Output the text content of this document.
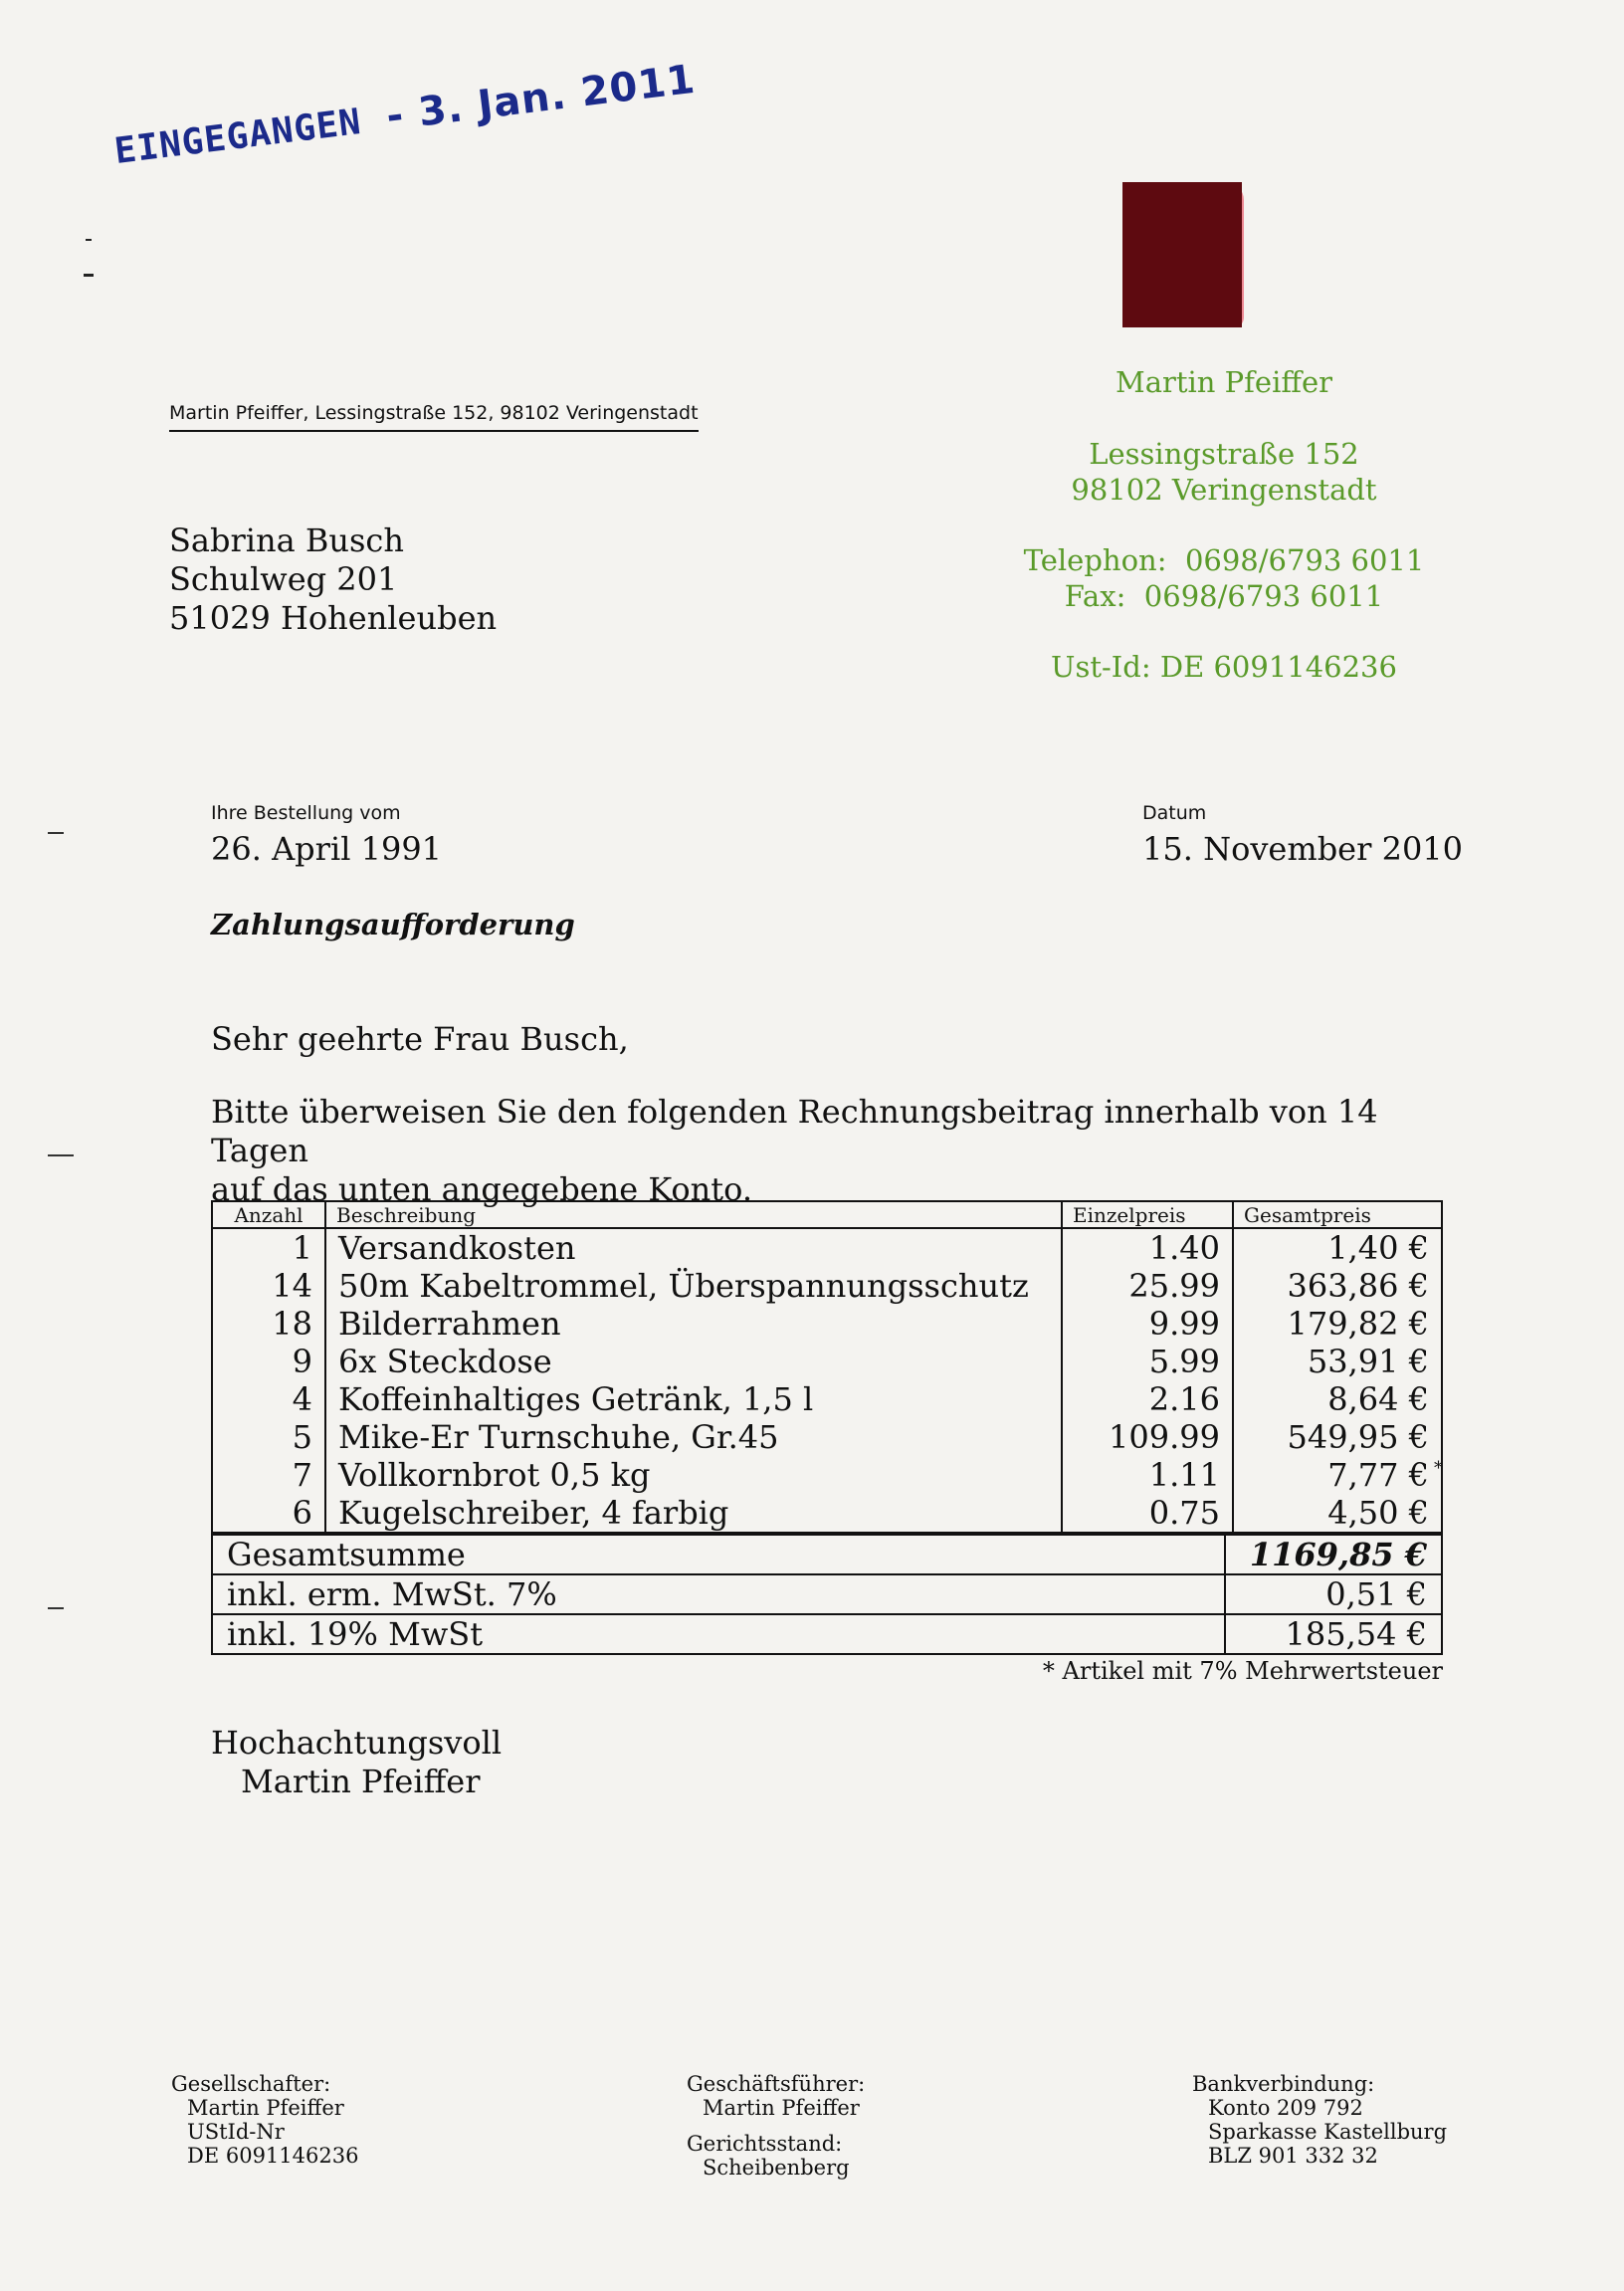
EINGEGANGEN - 3. Jan. 2011
Martin Pfeiffer
Lessingstraße 152
98102 Veringenstadt
Telephon: 0698/6793 6011
Fax: 0698/6793 6011
Ust-Id: DE 6091146236
Martin Pfeiffer, Lessingstraße 152, 98102 Veringenstadt
Sabrina Busch
Schulweg 201
51029 Hohenleuben
Ihre Bestellung vom
26. April 1991
Datum
15. November 2010
Zahlungsaufforderung
Sehr geehrte Frau Busch,
Bitte überweisen Sie den folgenden Rechnungsbeitrag innerhalb von 14 Tagen
auf das unten angegebene Konto.
Anzahl	Beschreibung	Einzelpreis	Gesamtpreis
1	Versandkosten	1.40	1,40 €
14	50m Kabeltrommel, Überspannungsschutz	25.99	363,86 €
18	Bilderrahmen	9.99	179,82 €
9	6x Steckdose	5.99	53,91 €
4	Koffeinhaltiges Getränk, 1,5 l	2.16	8,64 €
5	Mike-Er Turnschuhe, Gr.45	109.99	549,95 €
7	Vollkornbrot 0,5 kg	1.11	7,77 € *

6	Kugelschreiber, 4 farbig	0.75	4,50 €
Gesamtsumme	1169,85 €
inkl. erm. MwSt. 7%	0,51 €
inkl. 19% MwSt	185,54 €
* Artikel mit 7% Mehrwertsteuer
Hochachtungsvoll
Martin Pfeiffer
Gesellschafter:
Martin Pfeiffer
UStId-Nr
DE 6091146236
Geschäftsführer:
Martin Pfeiffer
Gerichtsstand:
Scheibenberg
Bankverbindung:
Konto 209 792
Sparkasse Kastellburg
BLZ 901 332 32
